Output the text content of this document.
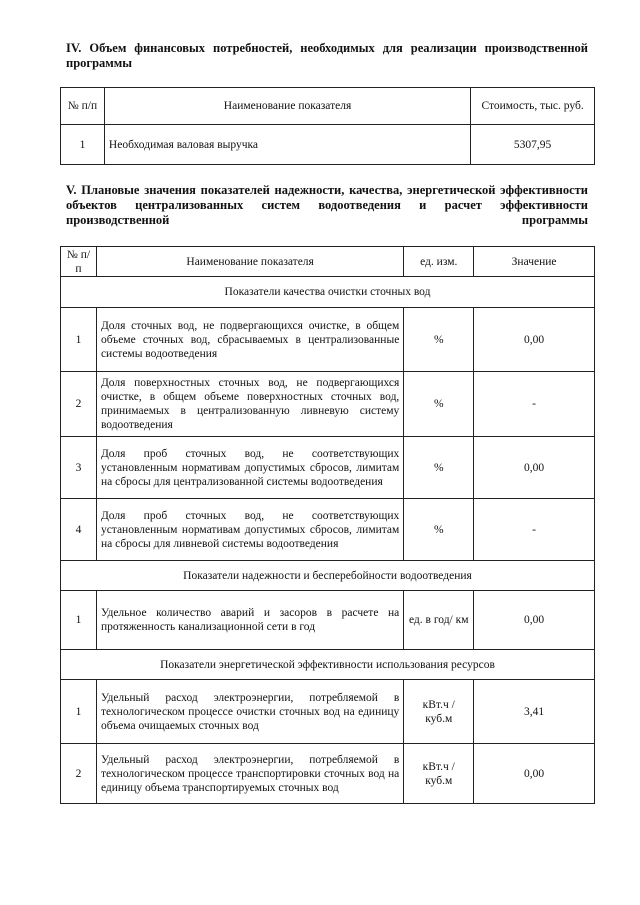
IV. Объем финансовых потребностей, необходимых для реализации производственной программы

№ п/п	Наименование показателя	Стоимость, тыс. руб.
1	Необходимая валовая выручка	5307,95

V. Плановые значения показателей надежности, качества, энергетической эффективности объектов централизованных систем водоотведения и расчет эффективности производственной программы

№ п/п	Наименование показателя	ед. изм.	Значение
Показатели качества очистки сточных вод			
1	Доля сточных вод, не подвергающихся очистке, в общем объеме сточных вод, сбрасываемых в централизованные системы водоотведения	%	0,00
2	Доля поверхностных сточных вод, не подвергающихся очистке, в общем объеме поверхностных сточных вод, принимаемых в централизованную ливневую систему водоотведения	%	-
3	Доля проб сточных вод, не соответствующих установленным нормативам допустимых сбросов, лимитам на сбросы для централизованной системы водоотведения	%	0,00
4	Доля проб сточных вод, не соответствующих установленным нормативам допустимых сбросов, лимитам на сбросы для ливневой системы водоотведения	%	-
Показатели надежности и бесперебойности водоотведения			
1	Удельное количество аварий и засоров в расчете на протяженность канализационной сети в год	ед. в год/ км	0,00
Показатели энергетической эффективности использования ресурсов			
1	Удельный расход электроэнергии, потребляемой в технологическом процессе очистки сточных вод на единицу объема очищаемых сточных вод	кВт.ч / куб.м	3,41
2	Удельный расход электроэнергии, потребляемой в технологическом процессе транспортировки сточных вод на единицу объема транспортируемых сточных вод	кВт.ч / куб.м	0,00
